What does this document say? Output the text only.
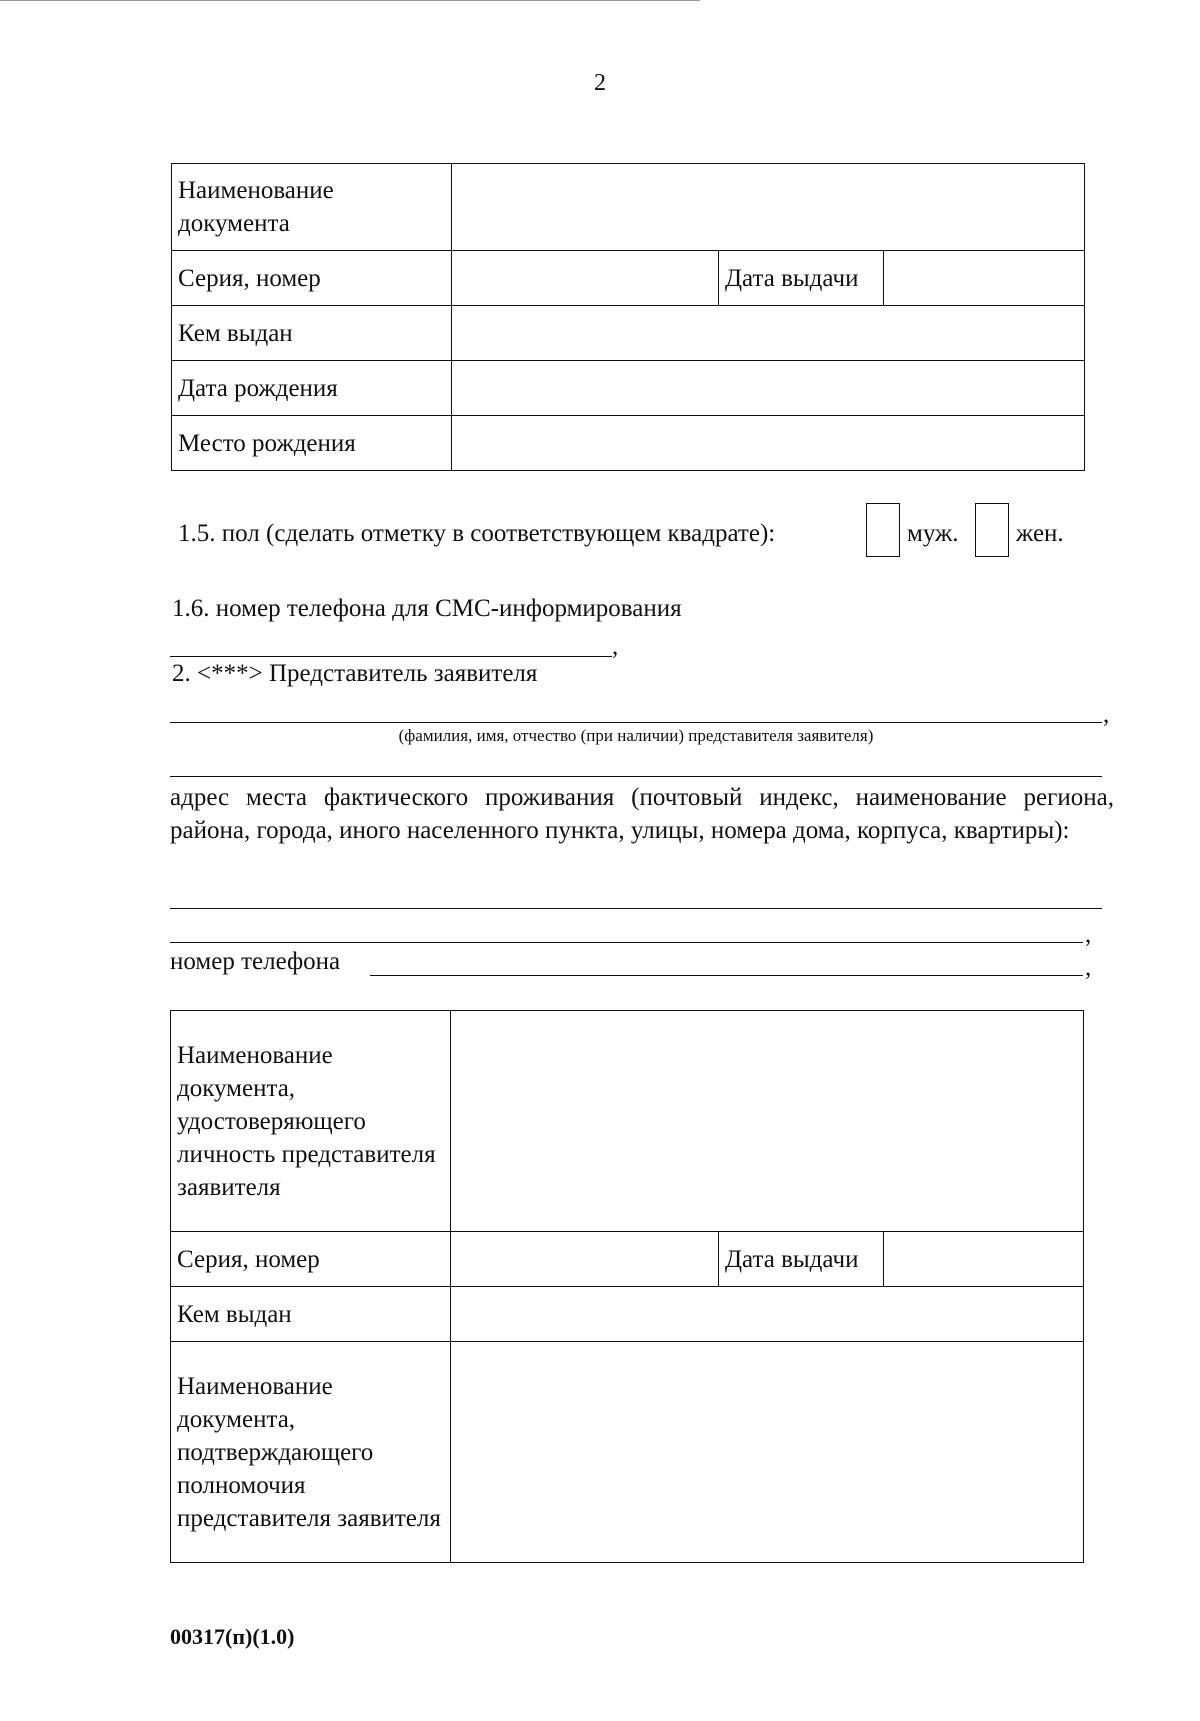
2
Наименование документа			
Серия, номер		Дата выдачи	
Кем выдан			
Дата рождения			
Место рождения			
1.5. пол (сделать отметку в соответствующем квадрате):	муж. жен.
1.6. номер телефона для СМС-информирования
,
2. <***> Представитель заявителя
,
(фамилия, имя, отчество (при наличии) представителя заявителя)
адрес места фактического проживания (почтовый индекс, наименование региона, района, города, иного населенного пункта, улицы, номера дома, корпуса, квартиры):
,
номер телефона	,
Наименование документа, удостоверяющего личность представителя заявителя			
Серия, номер		Дата выдачи	
Кем выдан			
Наименование документа, подтверждающего полномочия представителя заявителя			
00317(п)(1.0)
